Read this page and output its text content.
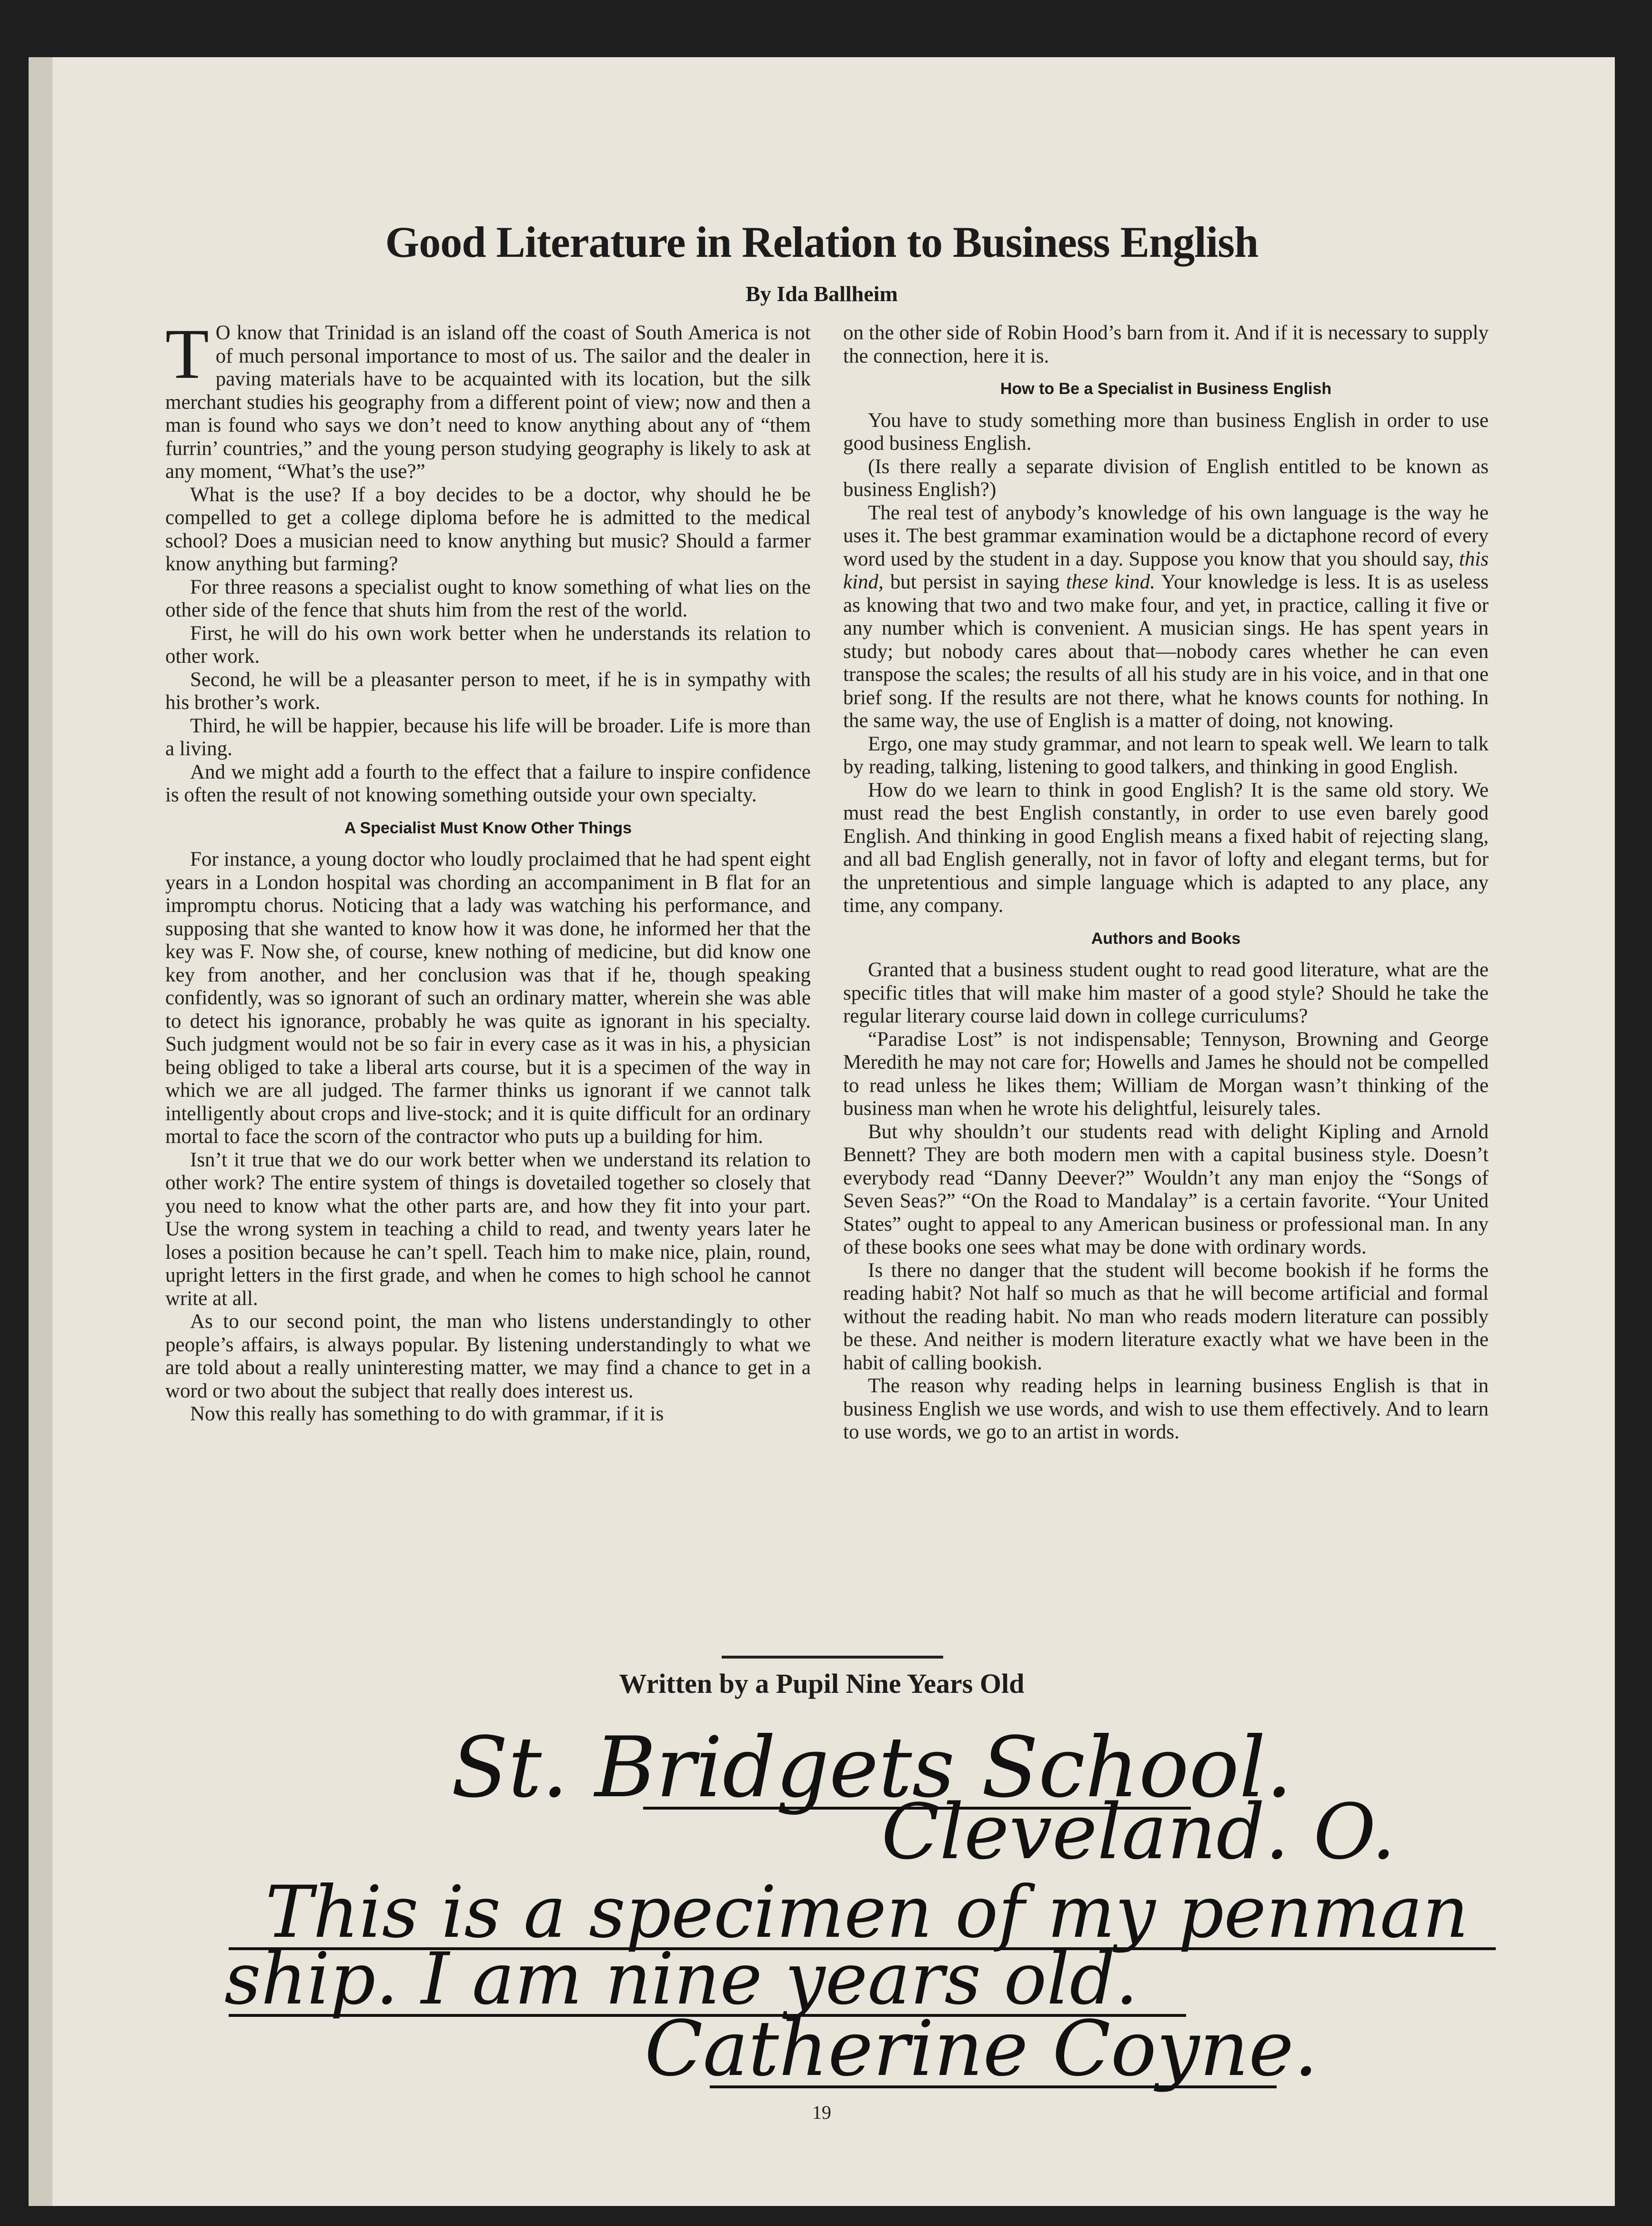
Good Literature in Relation to Business English
By Ida Ballheim

T O know that Trinidad is an island off the coast of South America is not of much personal importance to most of us. The sailor and the dealer in paving materials have to be acquainted with its location, but the silk merchant studies his geography from a different point of view; now and then a man is found who says we don’t need to know anything about any of “them furrin’ countries,” and the young person studying geography is likely to ask at any moment, “What’s the use?”

What is the use? If a boy decides to be a doctor, why should he be compelled to get a college diploma before he is admitted to the medical school? Does a musician need to know anything but music? Should a farmer know anything but farming?

For three reasons a specialist ought to know something of what lies on the other side of the fence that shuts him from the rest of the world.

First, he will do his own work better when he understands its relation to other work.

Second, he will be a pleasanter person to meet, if he is in sympathy with his brother’s work.

Third, he will be happier, because his life will be broader. Life is more than a living.

And we might add a fourth to the effect that a failure to inspire confidence is often the result of not knowing something outside your own specialty.

A Specialist Must Know Other Things

For instance, a young doctor who loudly proclaimed that he had spent eight years in a London hospital was chording an accompaniment in B flat for an impromptu chorus. Noticing that a lady was watching his performance, and supposing that she wanted to know how it was done, he informed her that the key was F. Now she, of course, knew nothing of medicine, but did know one key from another, and her conclusion was that if he, though speaking confidently, was so ignorant of such an ordinary matter, wherein she was able to detect his ignorance, probably he was quite as ignorant in his specialty. Such judgment would not be so fair in every case as it was in his, a physician being obliged to take a liberal arts course, but it is a specimen of the way in which we are all judged. The farmer thinks us ignorant if we cannot talk intelligently about crops and live-stock; and it is quite difficult for an ordinary mortal to face the scorn of the contractor who puts up a building for him.

Isn’t it true that we do our work better when we understand its relation to other work? The entire system of things is dovetailed together so closely that you need to know what the other parts are, and how they fit into your part. Use the wrong system in teaching a child to read, and twenty years later he loses a position because he can’t spell. Teach him to make nice, plain, round, upright letters in the first grade, and when he comes to high school he cannot write at all.

As to our second point, the man who listens understandingly to other people’s affairs, is always popular. By listening understandingly to what we are told about a really uninteresting matter, we may find a chance to get in a word or two about the subject that really does interest us.

Now this really has something to do with grammar, if it is

on the other side of Robin Hood’s barn from it. And if it is necessary to supply the connection, here it is.

How to Be a Specialist in Business English

You have to study something more than business English in order to use good business English.

(Is there really a separate division of English entitled to be known as business English?)

The real test of anybody’s knowledge of his own language is the way he uses it. The best grammar examination would be a dictaphone record of every word used by the student in a day. Suppose you know that you should say, this kind, but persist in saying these kind. Your knowledge is less. It is as useless as knowing that two and two make four, and yet, in practice, calling it five or any number which is convenient. A musician sings. He has spent years in study; but nobody cares about that—nobody cares whether he can even transpose the scales; the results of all his study are in his voice, and in that one brief song. If the results are not there, what he knows counts for nothing. In the same way, the use of English is a matter of doing, not knowing.

Ergo, one may study grammar, and not learn to speak well. We learn to talk by reading, talking, listening to good talkers, and thinking in good English.

How do we learn to think in good English? It is the same old story. We must read the best English constantly, in order to use even barely good English. And thinking in good English means a fixed habit of rejecting slang, and all bad English generally, not in favor of lofty and elegant terms, but for the unpretentious and simple language which is adapted to any place, any time, any company.

Authors and Books

Granted that a business student ought to read good literature, what are the specific titles that will make him master of a good style? Should he take the regular literary course laid down in college curriculums?

“Paradise Lost” is not indispensable; Tennyson, Browning and George Meredith he may not care for; Howells and James he should not be compelled to read unless he likes them; William de Morgan wasn’t thinking of the business man when he wrote his delightful, leisurely tales.

But why shouldn’t our students read with delight Kipling and Arnold Bennett? They are both modern men with a capital business style. Doesn’t everybody read “Danny Deever?” Wouldn’t any man enjoy the “Songs of Seven Seas?” “On the Road to Mandalay” is a certain favorite. “Your United States” ought to appeal to any American business or professional man. In any of these books one sees what may be done with ordinary words.

Is there no danger that the student will become bookish if he forms the reading habit? Not half so much as that he will become artificial and formal without the reading habit. No man who reads modern literature can possibly be these. And neither is modern literature exactly what we have been in the habit of calling bookish.

The reason why reading helps in learning business English is that in business English we use words, and wish to use them effectively. And to learn to use words, we go to an artist in words.

Written by a Pupil Nine Years Old
St. Bridgets School.
Cleveland. O.
This is a specimen of my penman
ship. I am nine years old.
Catherine Coyne.
19
